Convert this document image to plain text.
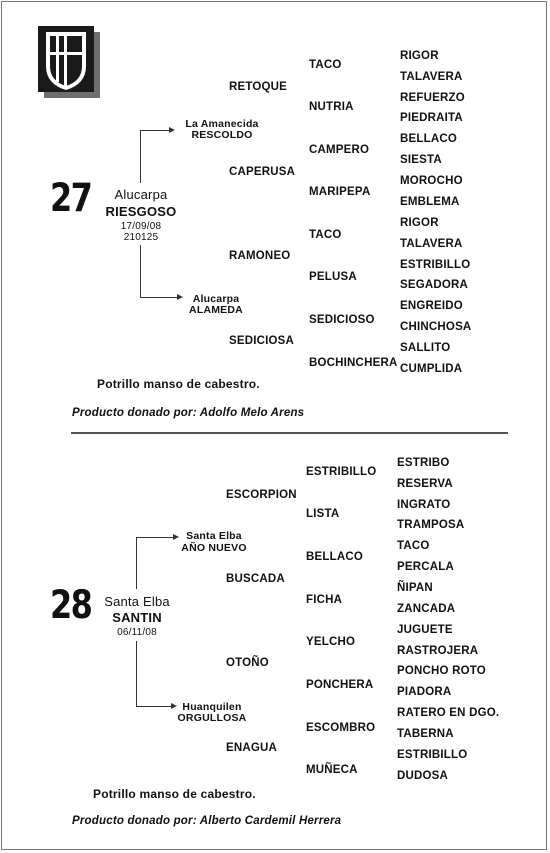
27 Alucarpa
RIESGOSO
17/09/08
210125
La Amanecida
RESCOLDO
Alucarpa
ALAMEDA
RETOQUE
CAPERUSA
RAMONEO
SEDICIOSA
TACO
NUTRIA
CAMPERO
MARIPEPA
TACO
PELUSA
SEDICIOSO
BOCHINCHERA
RIGOR
TALAVERA
REFUERZO
PIEDRAITA
BELLACO
SIESTA
MOROCHO
EMBLEMA
RIGOR
TALAVERA
ESTRIBILLO
SEGADORA
ENGREIDO
CHINCHOSA
SALLITO
CUMPLIDA
Potrillo manso de cabestro.
Producto donado por: Adolfo Melo Arens
28 Santa Elba
SANTIN
06/11/08
Santa Elba
AÑO NUEVO
Huanquilen
ORGULLOSA
ESCORPION
BUSCADA
OTOÑO
ENAGUA
ESTRIBILLO
LISTA
BELLACO
FICHA
YELCHO
PONCHERA
ESCOMBRO
MUÑECA
ESTRIBO
RESERVA
INGRATO
TRAMPOSA
TACO
PERCALA
ÑIPAN
ZANCADA
JUGUETE
RASTROJERA
PONCHO ROTO
PIADORA
RATERO EN DGO.
TABERNA
ESTRIBILLO
DUDOSA
Potrillo manso de cabestro.
Producto donado por: Alberto Cardemil Herrera
